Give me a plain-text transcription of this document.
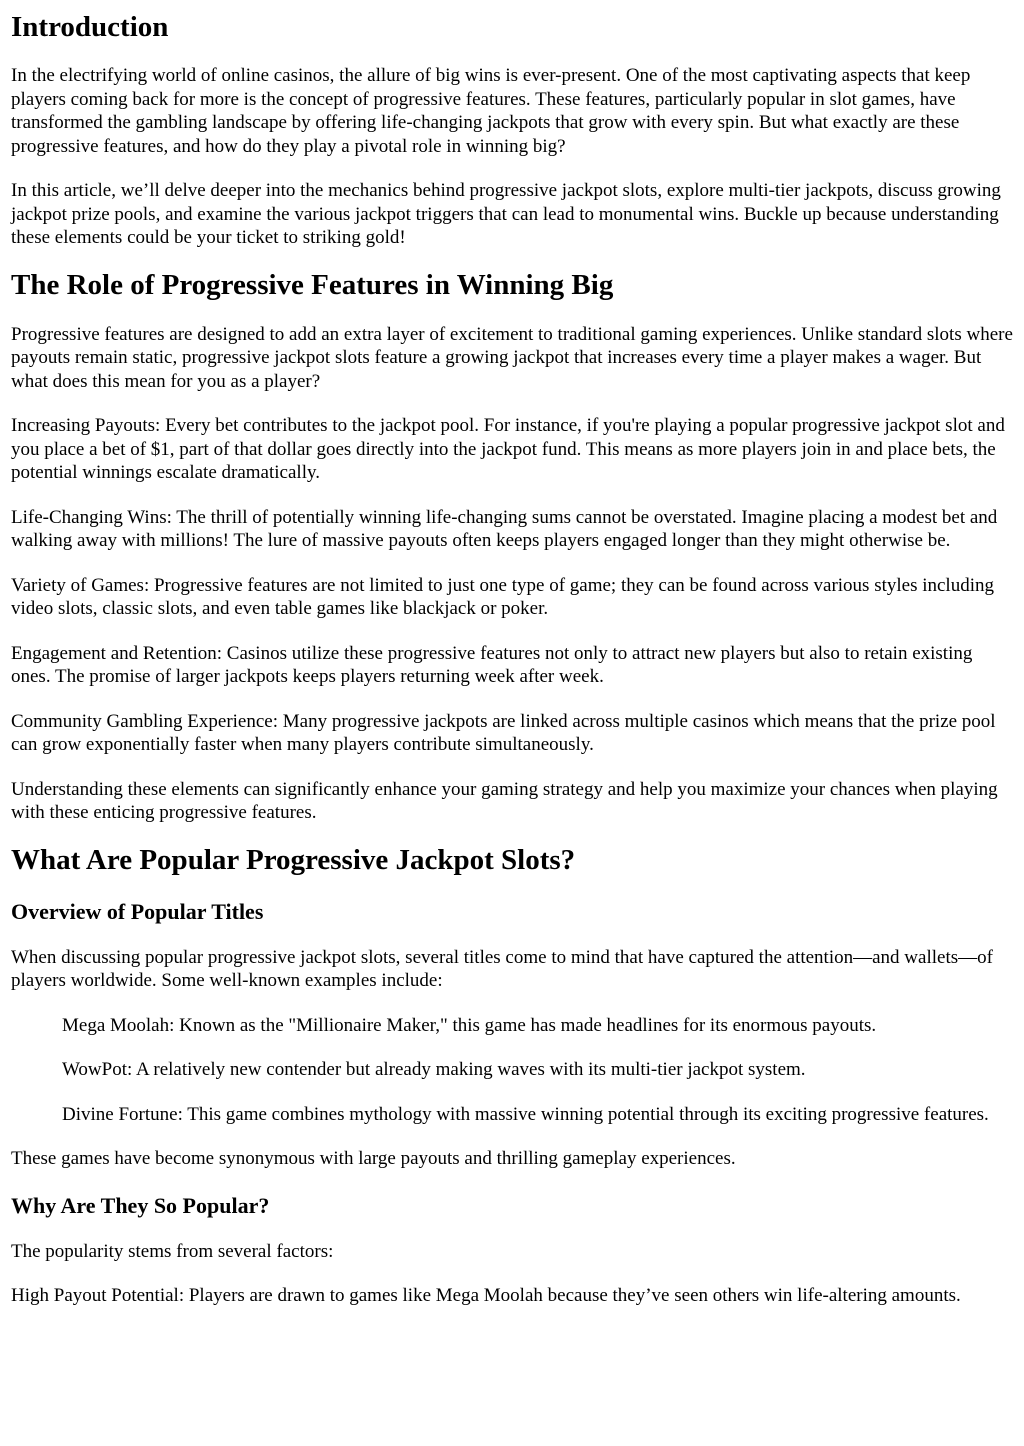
Introduction

In the electrifying world of online casinos, the allure of big wins is ever-present. One of the most captivating aspects that keep players coming back for more is the concept of progressive features. These features, particularly popular in slot games, have transformed the gambling landscape by offering life-changing jackpots that grow with every spin. But what exactly are these progressive features, and how do they play a pivotal role in winning big?

In this article, we’ll delve deeper into the mechanics behind progressive jackpot slots, explore multi-tier jackpots, discuss growing jackpot prize pools, and examine the various jackpot triggers that can lead to monumental wins. Buckle up because understanding these elements could be your ticket to striking gold!

The Role of Progressive Features in Winning Big

Progressive features are designed to add an extra layer of excitement to traditional gaming experiences. Unlike standard slots where payouts remain static, progressive jackpot slots feature a growing jackpot that increases every time a player makes a wager. But what does this mean for you as a player?

Increasing Payouts: Every bet contributes to the jackpot pool. For instance, if you're playing a popular progressive jackpot slot and you place a bet of $1, part of that dollar goes directly into the jackpot fund. This means as more players join in and place bets, the potential winnings escalate dramatically.

Life-Changing Wins: The thrill of potentially winning life-changing sums cannot be overstated. Imagine placing a modest bet and walking away with millions! The lure of massive payouts often keeps players engaged longer than they might otherwise be.

Variety of Games: Progressive features are not limited to just one type of game; they can be found across various styles including video slots, classic slots, and even table games like blackjack or poker.

Engagement and Retention: Casinos utilize these progressive features not only to attract new players but also to retain existing ones. The promise of larger jackpots keeps players returning week after week.

Community Gambling Experience: Many progressive jackpots are linked across multiple casinos which means that the prize pool can grow exponentially faster when many players contribute simultaneously.

Understanding these elements can significantly enhance your gaming strategy and help you maximize your chances when playing with these enticing progressive features.

What Are Popular Progressive Jackpot Slots?
Overview of Popular Titles

When discussing popular progressive jackpot slots, several titles come to mind that have captured the attention—and wallets—of players worldwide. Some well-known examples include:

Mega Moolah: Known as the "Millionaire Maker," this game has made headlines for its enormous payouts.

WowPot: A relatively new contender but already making waves with its multi-tier jackpot system.

Divine Fortune: This game combines mythology with massive winning potential through its exciting progressive features.

These games have become synonymous with large payouts and thrilling gameplay experiences.

Why Are They So Popular?

The popularity stems from several factors:

High Payout Potential: Players are drawn to games like Mega Moolah because they’ve seen others win life-altering amounts.
